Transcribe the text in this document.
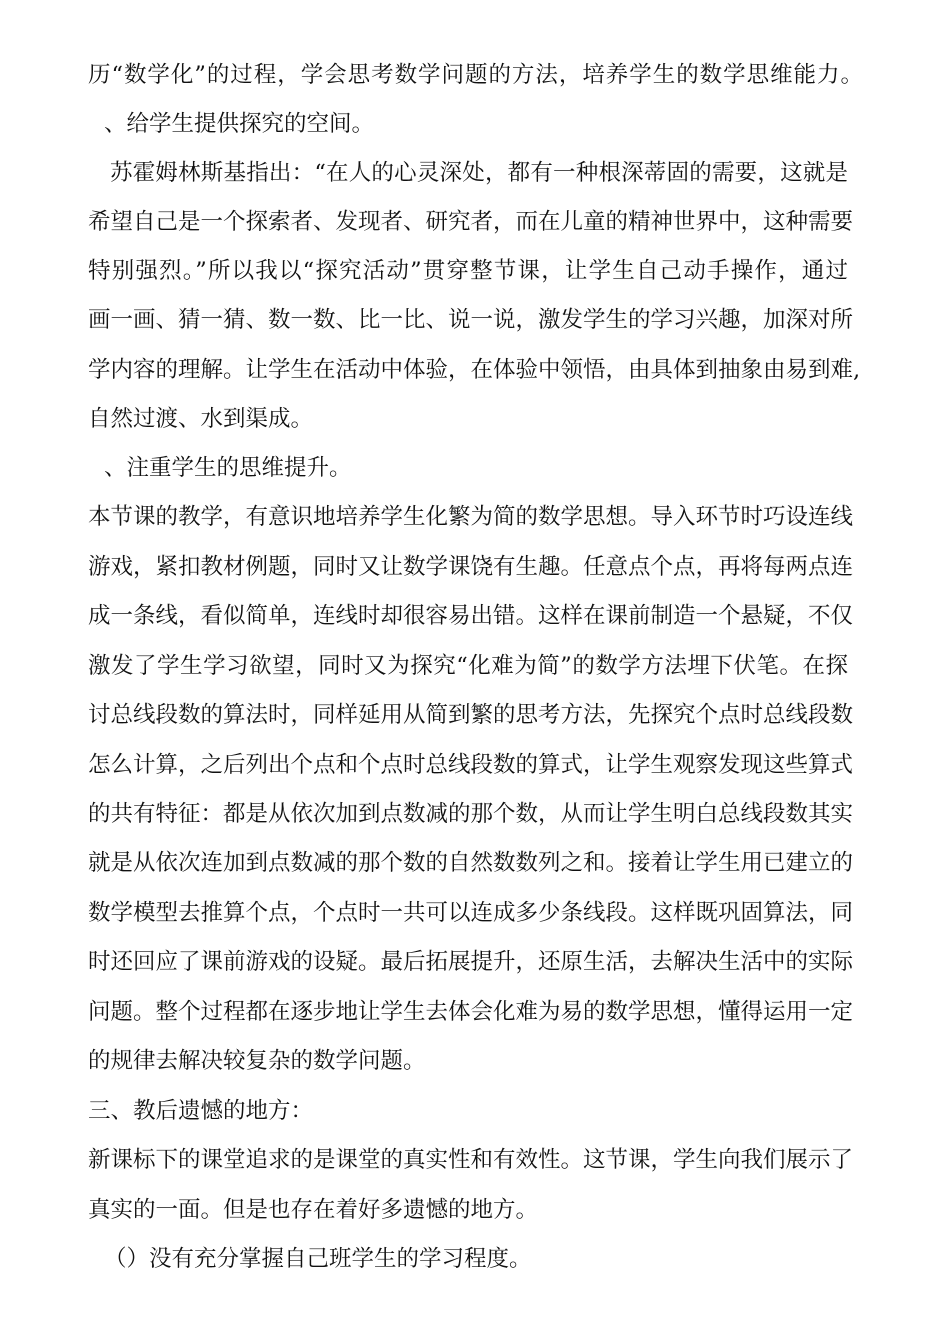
历“数学化”的过程，学会思考数学问题的方法，培养学生的数学思维能力。
、给学生提供探究的空间。
苏霍姆林斯基指出：“在人的心灵深处，都有一种根深蒂固的需要，这就是
希望自己是一个探索者、发现者、研究者，而在儿童的精神世界中，这种需要
特别强烈。”所以我以“探究活动”贯穿整节课，让学生自己动手操作，通过
画一画、猜一猜、数一数、比一比、说一说，激发学生的学习兴趣，加深对所
学内容的理解。让学生在活动中体验，在体验中领悟，由具体到抽象由易到难,
自然过渡、水到渠成。
、注重学生的思维提升。
本节课的教学，有意识地培养学生化繁为简的数学思想。导入环节时巧设连线
游戏，紧扣教材例题，同时又让数学课饶有生趣。任意点个点，再将每两点连
成一条线，看似简单，连线时却很容易出错。这样在课前制造一个悬疑，不仅
激发了学生学习欲望，同时又为探究“化难为简”的数学方法埋下伏笔。在探
讨总线段数的算法时，同样延用从简到繁的思考方法，先探究个点时总线段数
怎么计算，之后列出个点和个点时总线段数的算式，让学生观察发现这些算式
的共有特征：都是从依次加到点数减的那个数，从而让学生明白总线段数其实
就是从依次连加到点数减的那个数的自然数数列之和。接着让学生用已建立的
数学模型去推算个点，个点时一共可以连成多少条线段。这样既巩固算法，同
时还回应了课前游戏的设疑。最后拓展提升，还原生活，去解决生活中的实际
问题。整个过程都在逐步地让学生去体会化难为易的数学思想，懂得运用一定
的规律去解决较复杂的数学问题。
三、教后遗憾的地方：
新课标下的课堂追求的是课堂的真实性和有效性。这节课，学生向我们展示了
真实的一面。但是也存在着好多遗憾的地方。
（）没有充分掌握自己班学生的学习程度。
